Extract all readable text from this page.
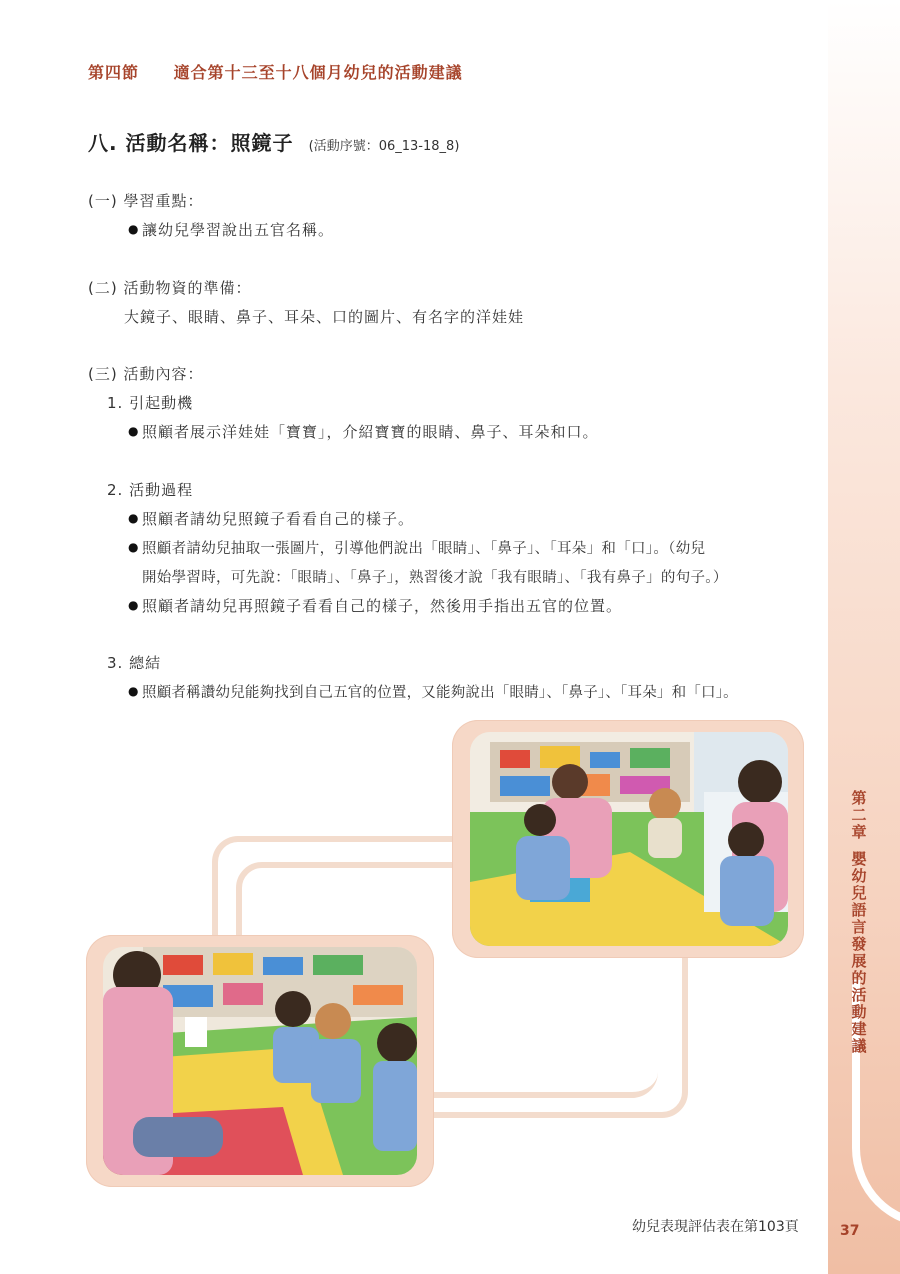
第
二
章
嬰
幼
兒
語
言
發
展
的
活
動
建
議
第四節 適合第十三至十八個月幼兒的活動建議
八. 活動名稱：照鏡子 (活動序號：06_13-18_8)
(一) 學習重點：
● 讓幼兒學習說出五官名稱。
(二) 活動物資的準備：
大鏡子、眼睛、鼻子、耳朵、口的圖片、有名字的洋娃娃
(三) 活動內容：
1. 引起動機
● 照顧者展示洋娃娃「寶寶」，介紹寶寶的眼睛、鼻子、耳朵和口。
2. 活動過程
● 照顧者請幼兒照鏡子看看自己的樣子。
● 照顧者請幼兒抽取一張圖片，引導他們說出「眼睛」、「鼻子」、「耳朵」和「口」。（幼兒
開始學習時，可先說：「眼睛」、「鼻子」，熟習後才說「我有眼睛」、「我有鼻子」的句子。）
● 照顧者請幼兒再照鏡子看看自己的樣子，然後用手指出五官的位置。
3. 總結
● 照顧者稱讚幼兒能夠找到自己五官的位置，又能夠說出「眼睛」、「鼻子」、「耳朵」和「口」。
幼兒表現評估表在第103頁	37
